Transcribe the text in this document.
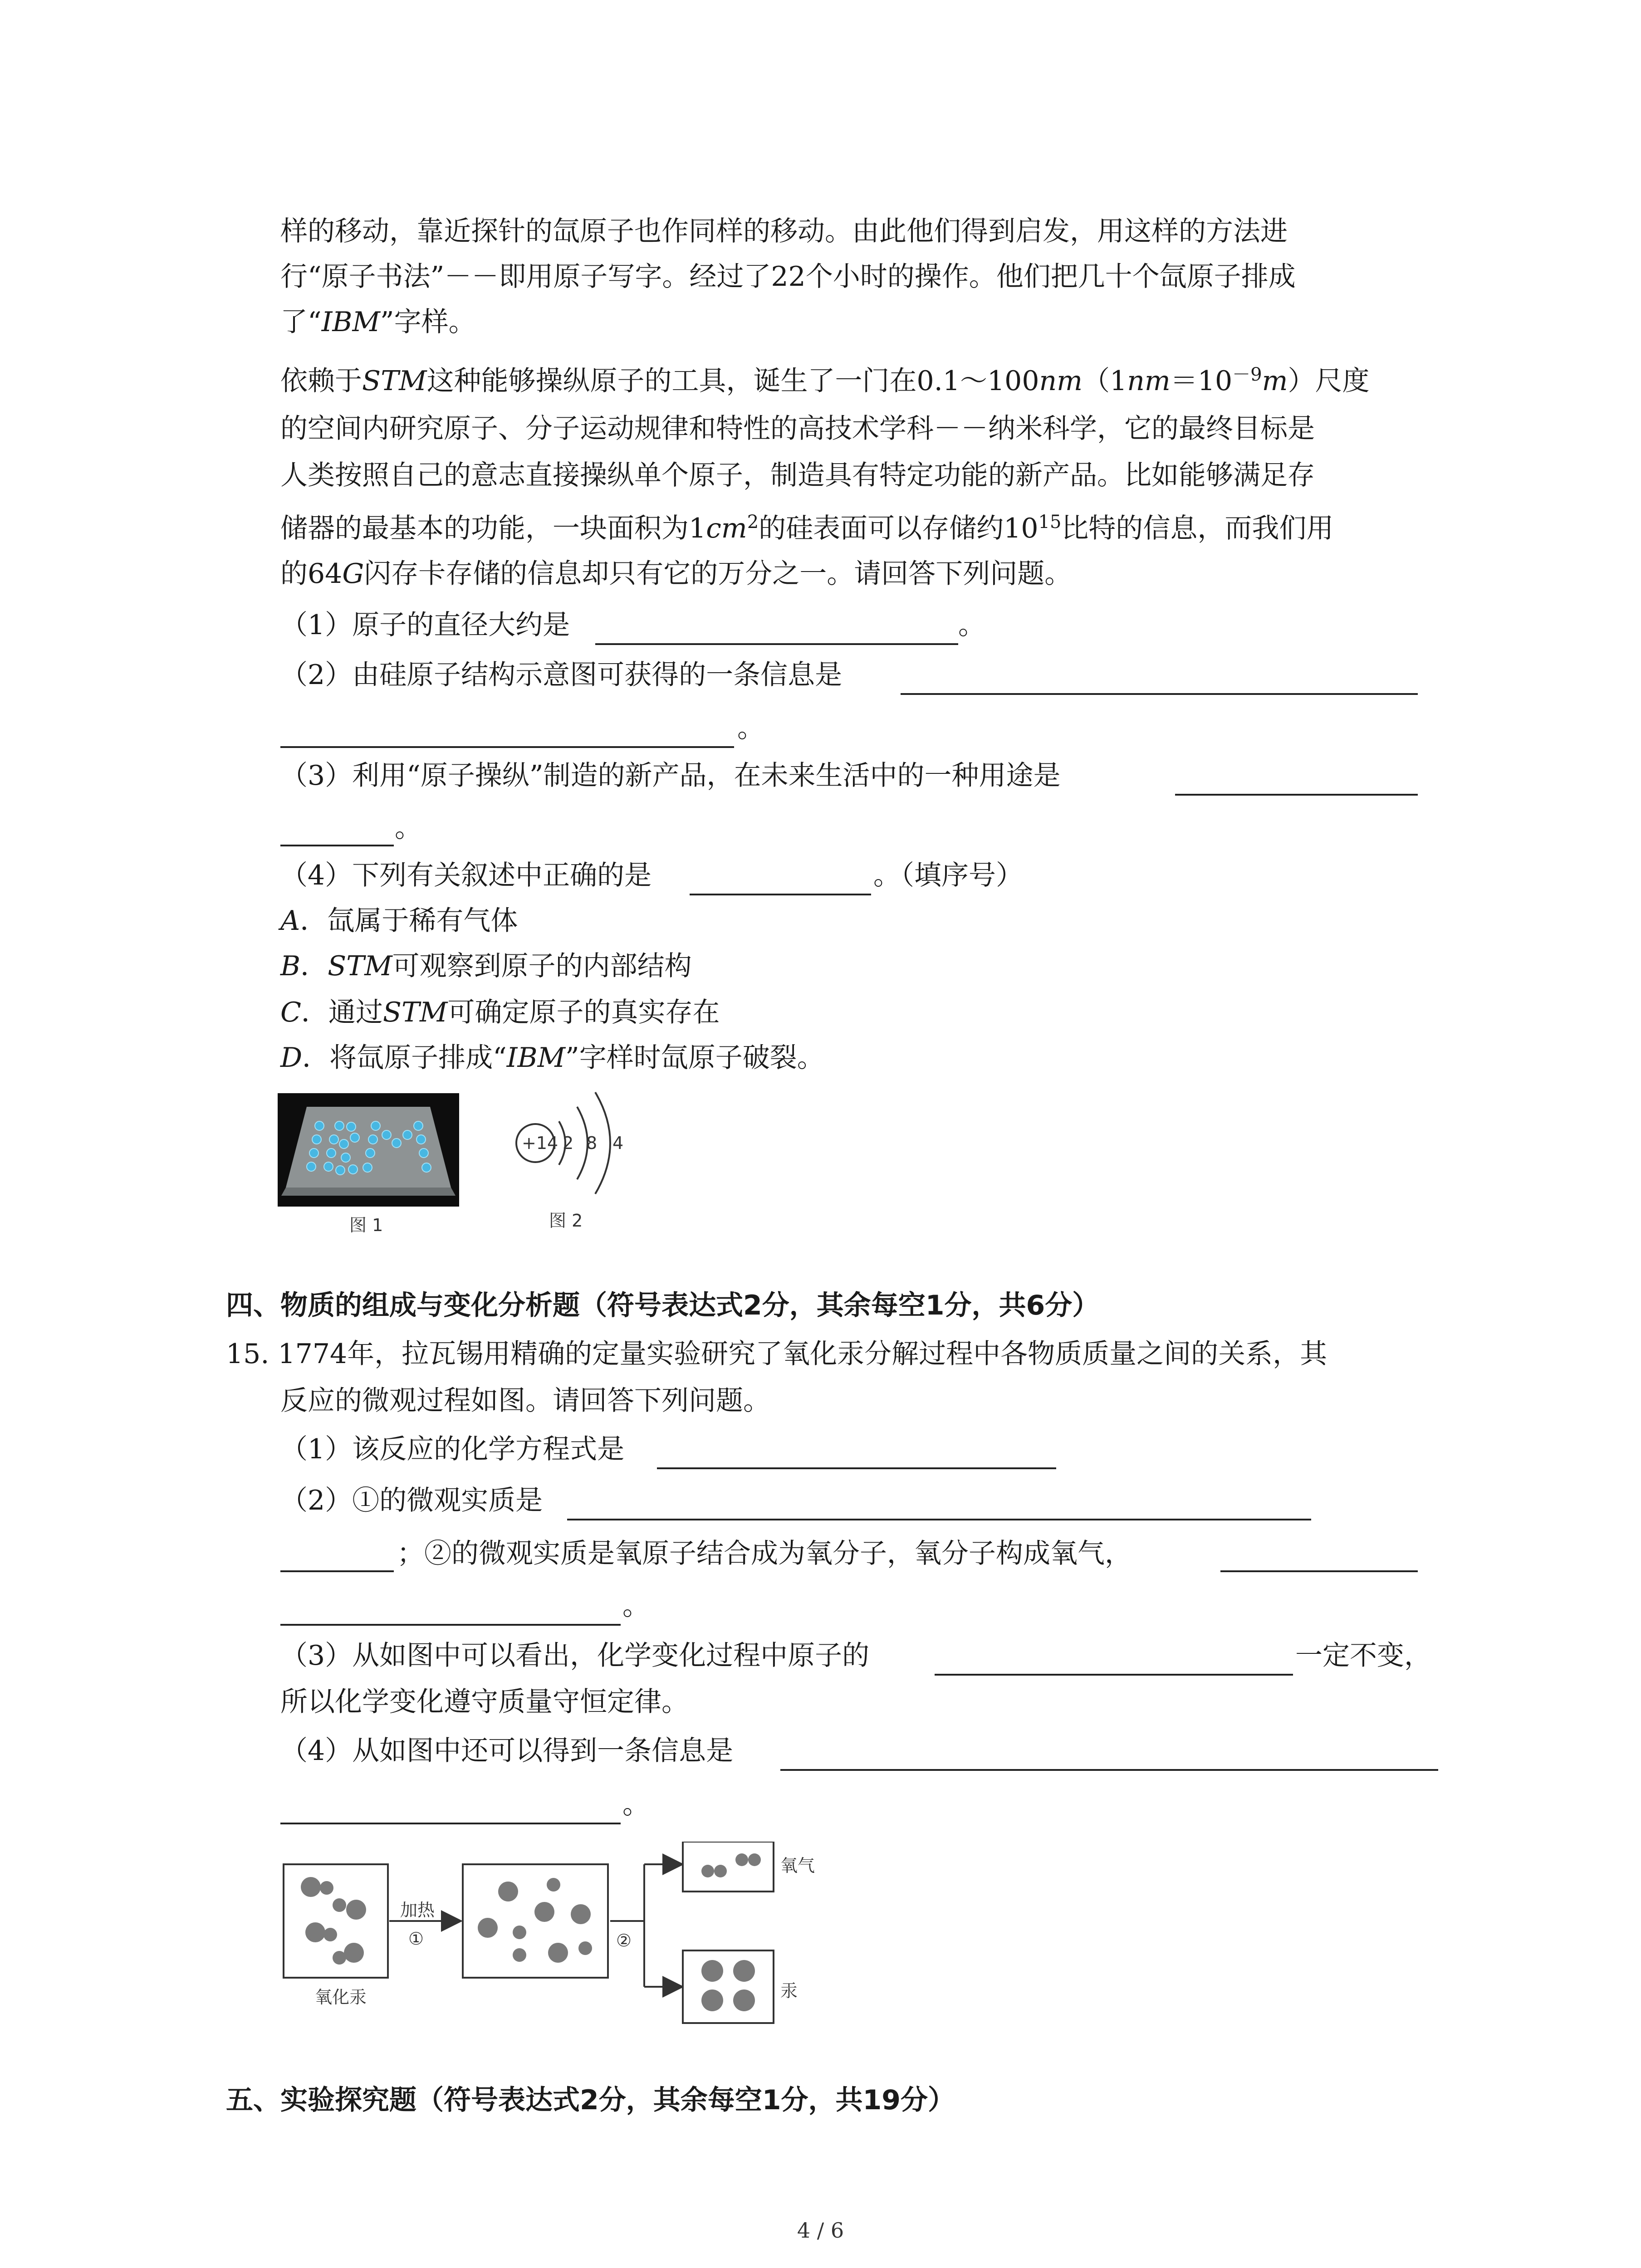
样的移动，靠近探针的氙原子也作同样的移动。由此他们得到启发，用这样的方法进
行“原子书法”－－即用原子写字。经过了22个小时的操作。他们把几十个氙原子排成
了“IBM”字样。
依赖于STM这种能够操纵原子的工具，诞生了一门在$0.1\sim 100nm(1nm=10^{-9}m)$尺度
的空间内研究原子、分子运动规律和特性的高技术学科－－纳米科学，它的最终目标是
人类按照自己的意志直接操纵单个原子，制造具有特定功能的新产品。比如能够满足存
储器的最基本的功能，一块面积为$1cm^2$的硅表面可以存储约$10^{15}$比特的信息，而我们用
的64G闪存卡存储的信息却只有它的万分之一。请回答下列问题。
（1）原子的直径大约是	。
（2）由硅原子结构示意图可获得的一条信息是
。
（3）利用“原子操纵”制造的新产品，在未来生活中的一种用途是
。
（4）下列有关叙述中正确的是	。（填序号）
A．氙属于稀有气体
B．STM可观察到原子的内部结构
C．通过STM可确定原子的真实存在
D．将氙原子排成“IBM”字样时氙原子破裂。
图 1
+14 2 8 4
图 2
四、物质的组成与变化分析题（符号表达式2分，其余每空1分，共6分）
15. 1774年，拉瓦锡用精确的定量实验研究了氧化汞分解过程中各物质质量之间的关系，其
反应的微观过程如图。请回答下列问题。
（1）该反应的化学方程式是
（2）①的微观实质是
；②的微观实质是氧原子结合成为氧分子，氧分子构成氧气，
。
（3）从如图中可以看出，化学变化过程中原子的	一定不变，
所以化学变化遵守质量守恒定律。
（4）从如图中还可以得到一条信息是
。
加热
①	②
氧化汞
氧气
汞
五、实验探究题（符号表达式2分，其余每空1分，共19分）
4 / 6
